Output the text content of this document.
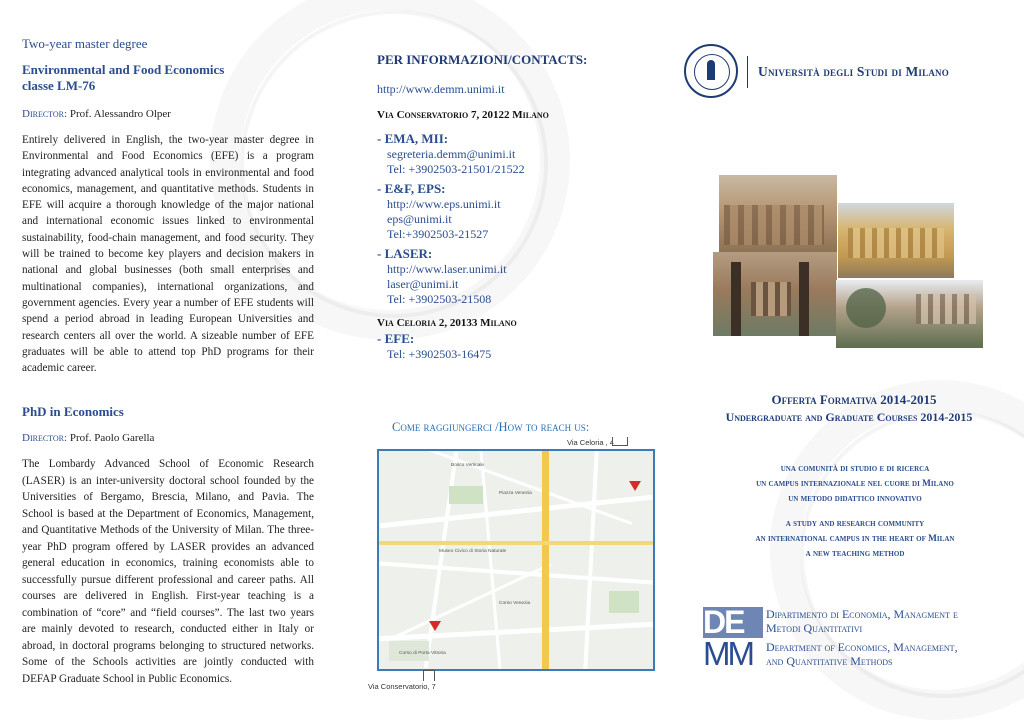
Two-year master degree
Environmental and Food Economics
classe LM-76
Director: Prof. Alessandro Olper
Entirely delivered in English, the two-year master degree in Environmental and Food Economics (EFE) is a program integrating advanced analytical tools in environmental and food economics, management, and quantitative methods. Students in EFE will acquire a thorough knowledge of the major national and international economic issues linked to environmental sustainability, food-chain management, and food security. They will be trained to become key players and decision makers in national and global businesses (both small enterprises and multinational companies), international organizations, and government agencies. Every year a number of EFE students will spend a period abroad in leading European Universities and research centers all over the world. A sizeable number of EFE graduates will be able to attend top PhD programs for their academic career.
PhD in Economics
Director: Prof. Paolo Garella
The Lombardy Advanced School of Economic Research (LASER) is an inter-university doctoral school founded by the Universities of Bergamo, Brescia, Milano, and Pavia. The School is based at the Department of Economics, Management, and Quantitative Methods of the University of Milan. The three-year PhD program offered by LASER provides an advanced general education in economics, training economists able to successfully pursue different professional and career paths. All courses are delivered in English. First-year teaching is a combination of “core” and “field courses”. The last two years are mainly devoted to research, conducted either in Italy or abroad, in doctoral programs belonging to structured networks. Some of the Schools activities are jointly conducted with DEFAP Graduate School in Public Economics.
PER INFORMAZIONI/CONTACTS:
http://www.demm.unimi.it
Via Conservatorio 7, 20122 Milano
- EMA, MII:
segreteria.demm@unimi.it
Tel: +3902503-21501/21522
- E&F, EPS:
http://www.eps.unimi.it
eps@unimi.it
Tel:+3902503-21527
- LASER:
http://www.laser.unimi.it
laser@unimi.it
Tel: +3902503-21508
Via Celoria 2, 20133 Milano
- EFE:
Tel: +3902503-16475
Come raggiungerci /How to reach us:
Via Celoria , 4
Bosco Verticale
Piazza Venezia
Museo Civico di Storia Naturale
Corso Venezia
Corso di Porta Vittoria
Via Conservatorio, 7
Università degli Studi di Milano
Offerta Formativa 2014-2015
Undergraduate and Graduate Courses 2014-2015
una comunità di studio e di ricerca
un campus internazionale nel cuore di Milano
un metodo didattico innovativo
a study and research community
an international campus in the heart of Milan
a new teaching method
DE
MM
Dipartimento di Economia, Managment e
Metodi Quantitativi
Department of Economics, Management,
and Quantitative Methods
